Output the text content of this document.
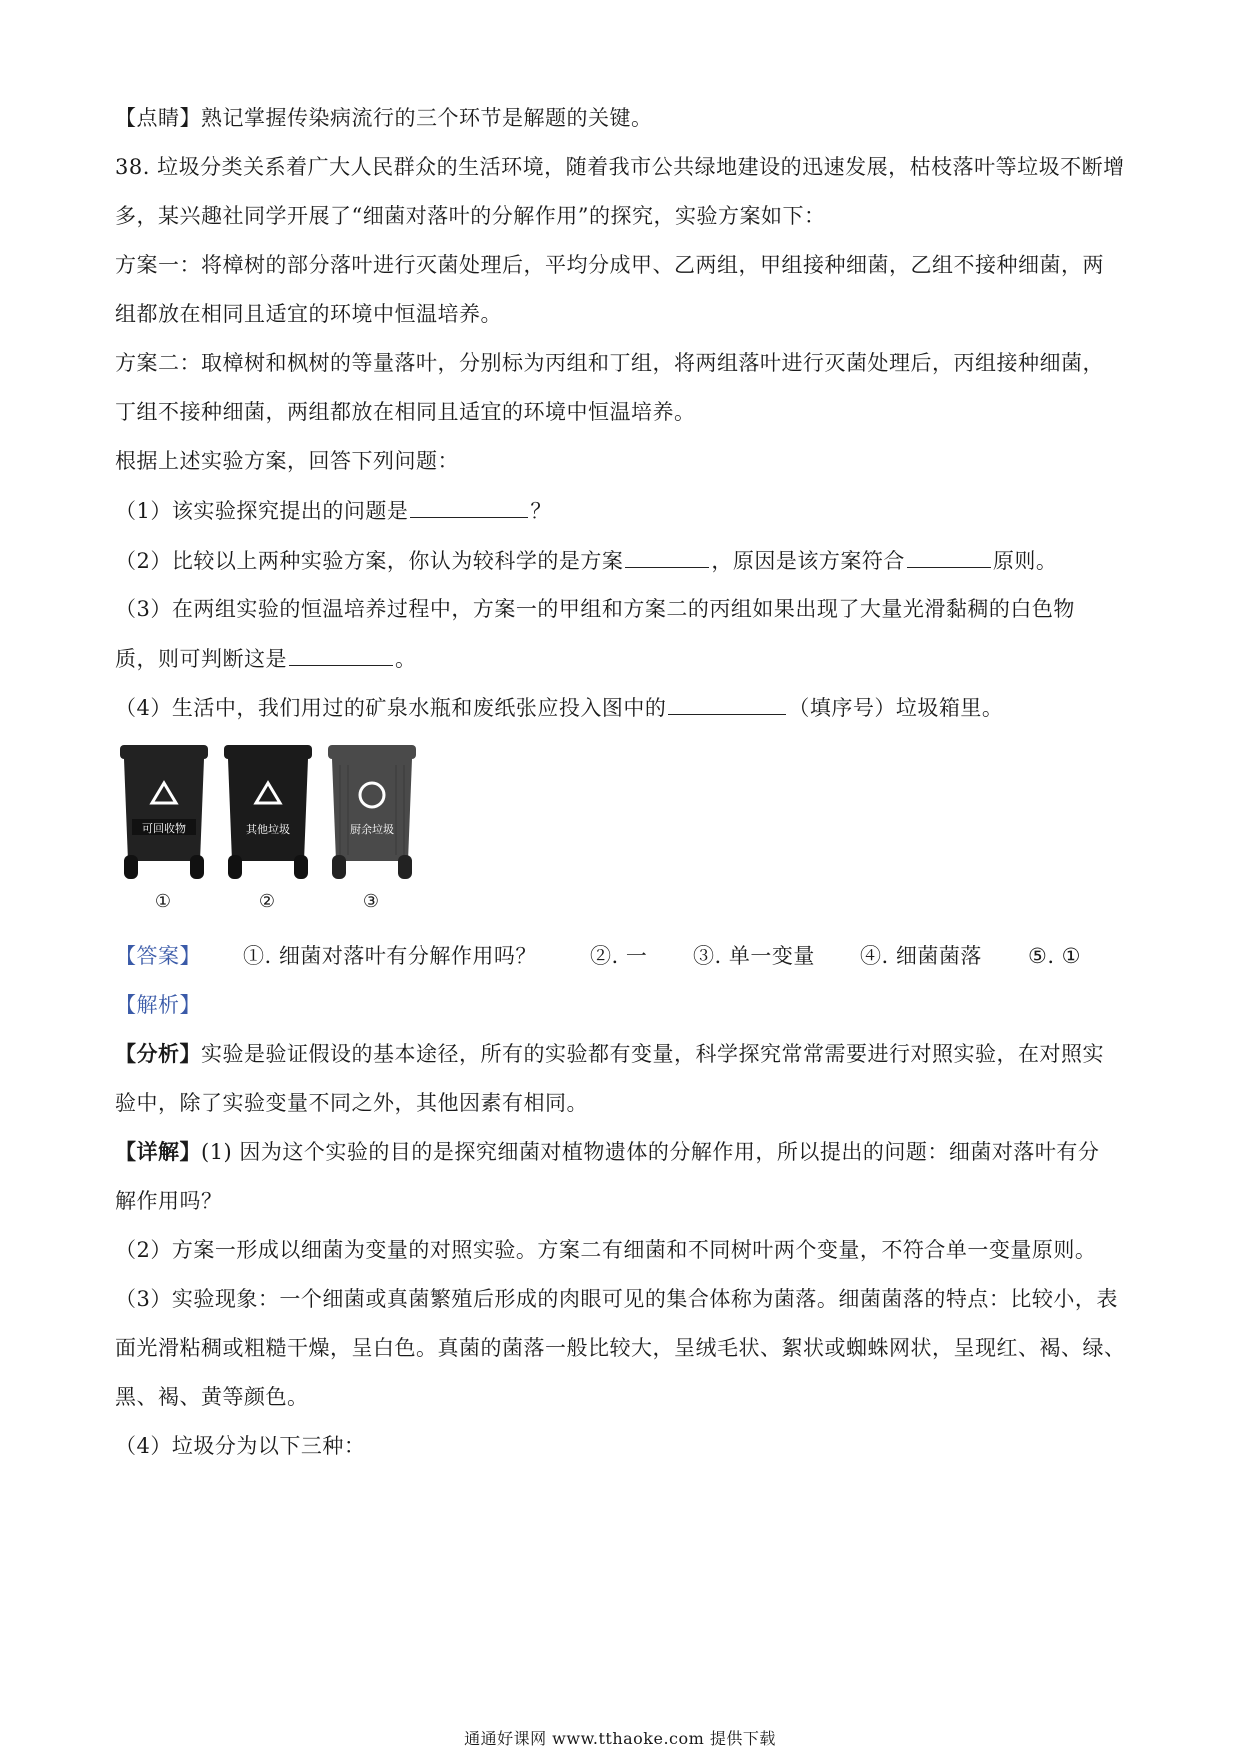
【点睛】熟记掌握传染病流行的三个环节是解题的关键。
38. 垃圾分类关系着广大人民群众的生活环境，随着我市公共绿地建设的迅速发展，枯枝落叶等垃圾不断增
多，某兴趣社同学开展了“细菌对落叶的分解作用”的探究，实验方案如下：
方案一：将樟树的部分落叶进行灭菌处理后，平均分成甲、乙两组，甲组接种细菌，乙组不接种细菌，两
组都放在相同且适宜的环境中恒温培养。
方案二：取樟树和枫树的等量落叶，分别标为丙组和丁组，将两组落叶进行灭菌处理后，丙组接种细菌，
丁组不接种细菌，两组都放在相同且适宜的环境中恒温培养。
根据上述实验方案，回答下列问题：
（1）该实验探究提出的问题是	？
（2）比较以上两种实验方案，你认为较科学的是方案	，原因是该方案符合	原则。
（3）在两组实验的恒温培养过程中，方案一的甲组和方案二的丙组如果出现了大量光滑黏稠的白色物
质，则可判断这是	。
（4）生活中，我们用过的矿泉水瓶和废纸张应投入图中的	（填序号）垃圾箱里。
可回收物
①
其他垃圾
②
厨余垃圾
③
【答案】 ①. 细菌对落叶有分解作用吗？	②. 一 ③. 单一变量 ④. 细菌菌落 ⑤. ①
【解析】
【分析】实验是验证假设的基本途径，所有的实验都有变量，科学探究常常需要进行对照实验，在对照实
验中，除了实验变量不同之外，其他因素有相同。
【详解】(1) 因为这个实验的目的是探究细菌对植物遗体的分解作用，所以提出的问题：细菌对落叶有分
解作用吗？
（2）方案一形成以细菌为变量的对照实验。方案二有细菌和不同树叶两个变量，不符合单一变量原则。
（3）实验现象：一个细菌或真菌繁殖后形成的肉眼可见的集合体称为菌落。细菌菌落的特点：比较小，表
面光滑粘稠或粗糙干燥，呈白色。真菌的菌落一般比较大，呈绒毛状、絮状或蜘蛛网状，呈现红、褐、绿、
黑、褐、黄等颜色。
（4）垃圾分为以下三种：
通通好课网 www.tthaoke.com 提供下载
